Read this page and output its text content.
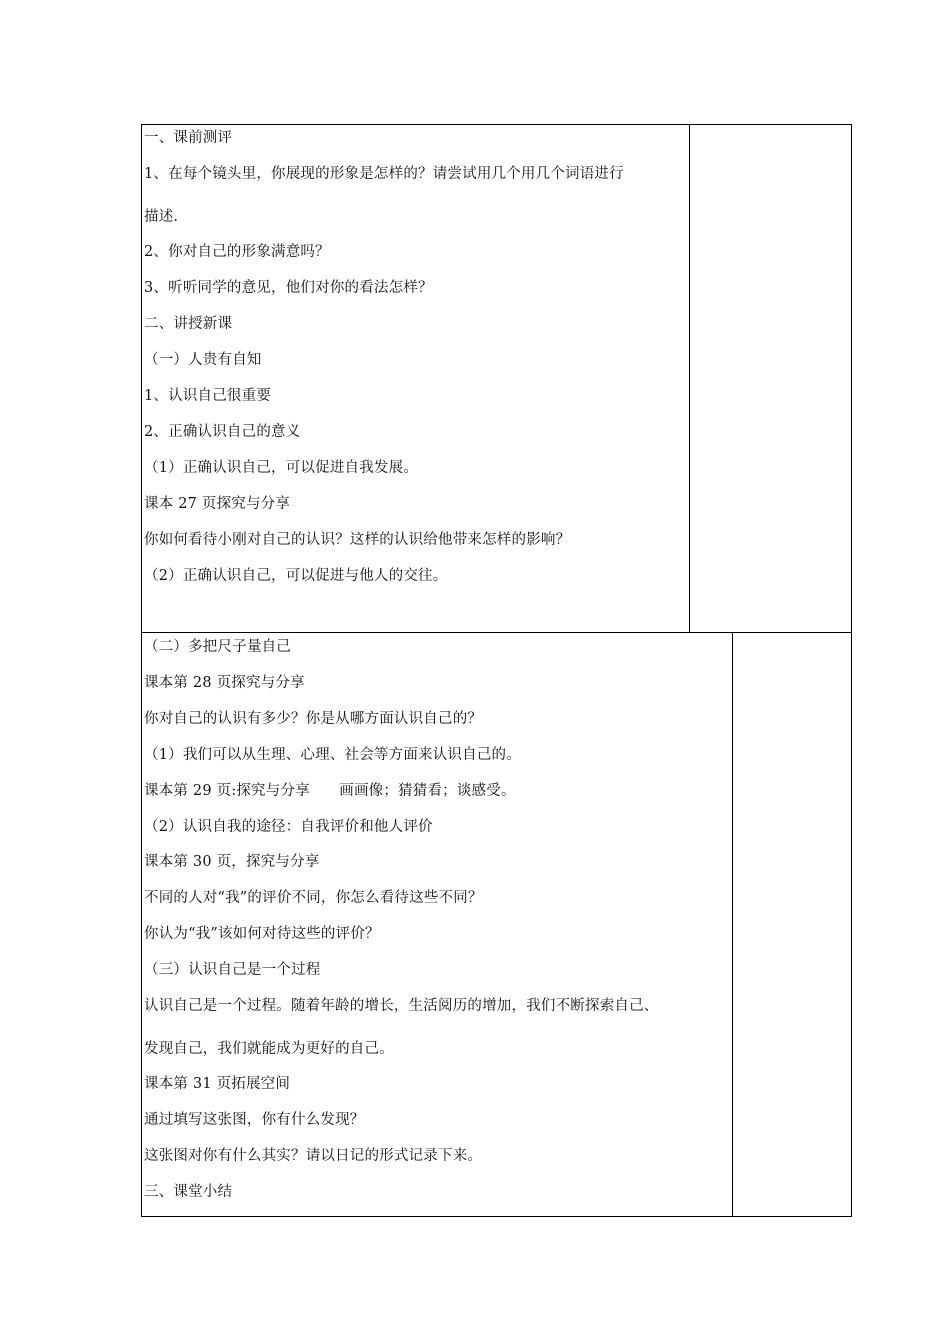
一、课前测评
1、在每个镜头里，你展现的形象是怎样的？请尝试用几个用几个词语进行
描述.
2、你对自己的形象满意吗？
3、听听同学的意见，他们对你的看法怎样？
二、讲授新课
（一）人贵有自知
1、认识自己很重要
2、正确认识自己的意义
（1）正确认识自己，可以促进自我发展。
课本 27 页探究与分享
你如何看待小刚对自己的认识？这样的认识给他带来怎样的影响？
（2）正确认识自己，可以促进与他人的交往。
（二）多把尺子量自己
课本第 28 页探究与分享
你对自己的认识有多少？你是从哪方面认识自己的？
（1）我们可以从生理、心理、社会等方面来认识自己的。
课本第 29 页:探究与分享　　画画像；猜猜看；谈感受。
（2）认识自我的途径：自我评价和他人评价
课本第 30 页，探究与分享
不同的人对“我”的评价不同，你怎么看待这些不同？
你认为“我”该如何对待这些的评价？
（三）认识自己是一个过程
认识自己是一个过程。随着年龄的增长，生活阅历的增加，我们不断探索自己、
发现自己，我们就能成为更好的自己。
课本第 31 页拓展空间
通过填写这张图，你有什么发现？
这张图对你有什么其实？请以日记的形式记录下来。
三、课堂小结
